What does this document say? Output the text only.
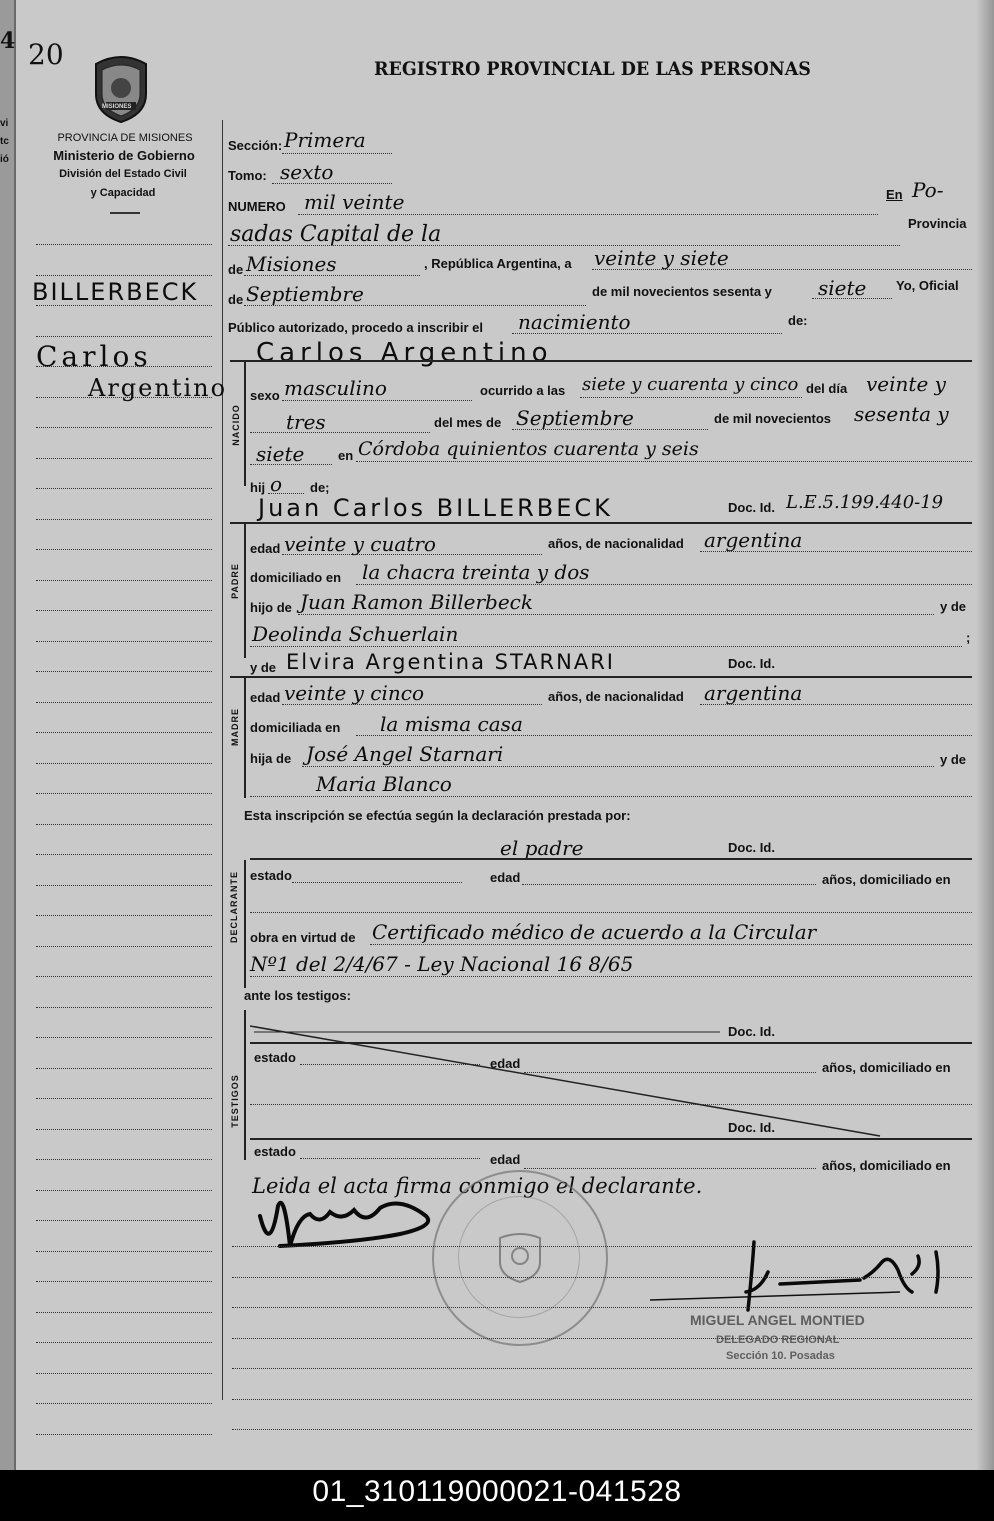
4
vi
tc
ió
20
MISIONES
PROVINCIA DE MISIONES
Ministerio de Gobierno
División del Estado Civil
y Capacidad
BILLERBECK
Carlos
Argentino
REGISTRO PROVINCIAL DE LAS PERSONAS
Sección: Primera
Tomo: sexto
NUMERO mil veinte	En Po-
sadas Capital de la	Provincia
de Misiones	, República Argentina, a veinte y siete
de Septiembre	de mil novecientos sesenta y siete Yo, Oficial
Público autorizado, procedo a inscribir el nacimiento	de:
Carlos Argentino
NACIDO
sexo masculino	ocurrido a las siete y cuarenta y cinco del día veinte y
tres	del mes de Septiembre	de mil novecientos sesenta y
siete	en Córdoba quinientos cuarenta y seis
hij o de;
Juan Carlos BILLERBECK	Doc. Id. L.E.5.199.440-19
PADRE
edad veinte y cuatro	años, de nacionalidad argentina
domiciliado en la chacra treinta y dos
hijo de Juan Ramon Billerbeck	y de
Deolinda Schuerlain	;
y de Elvira Argentina STARNARI	Doc. Id.
MADRE
edad veinte y cinco	años, de nacionalidad argentina
domiciliada en la misma casa
hija de José Angel Starnari	y de
Maria Blanco
Esta inscripción se efectúa según la declaración prestada por:
el padre	Doc. Id.
DECLARANTE estado	edad	años, domiciliado en
obra en virtud de Certificado médico de acuerdo a la Circular
Nº1 del 2/4/67 - Ley Nacional 16 8/65
ante los testigos:
TESTIGOS
Doc. Id.
estado	edad	años, domiciliado en
Doc. Id.
estado
edad	años, domiciliado en
Leida el acta firma conmigo el declarante.
MIGUEL ANGEL MONTIED
DELEGADO REGIONAL
Sección 10. Posadas
01_310119000021-041528
